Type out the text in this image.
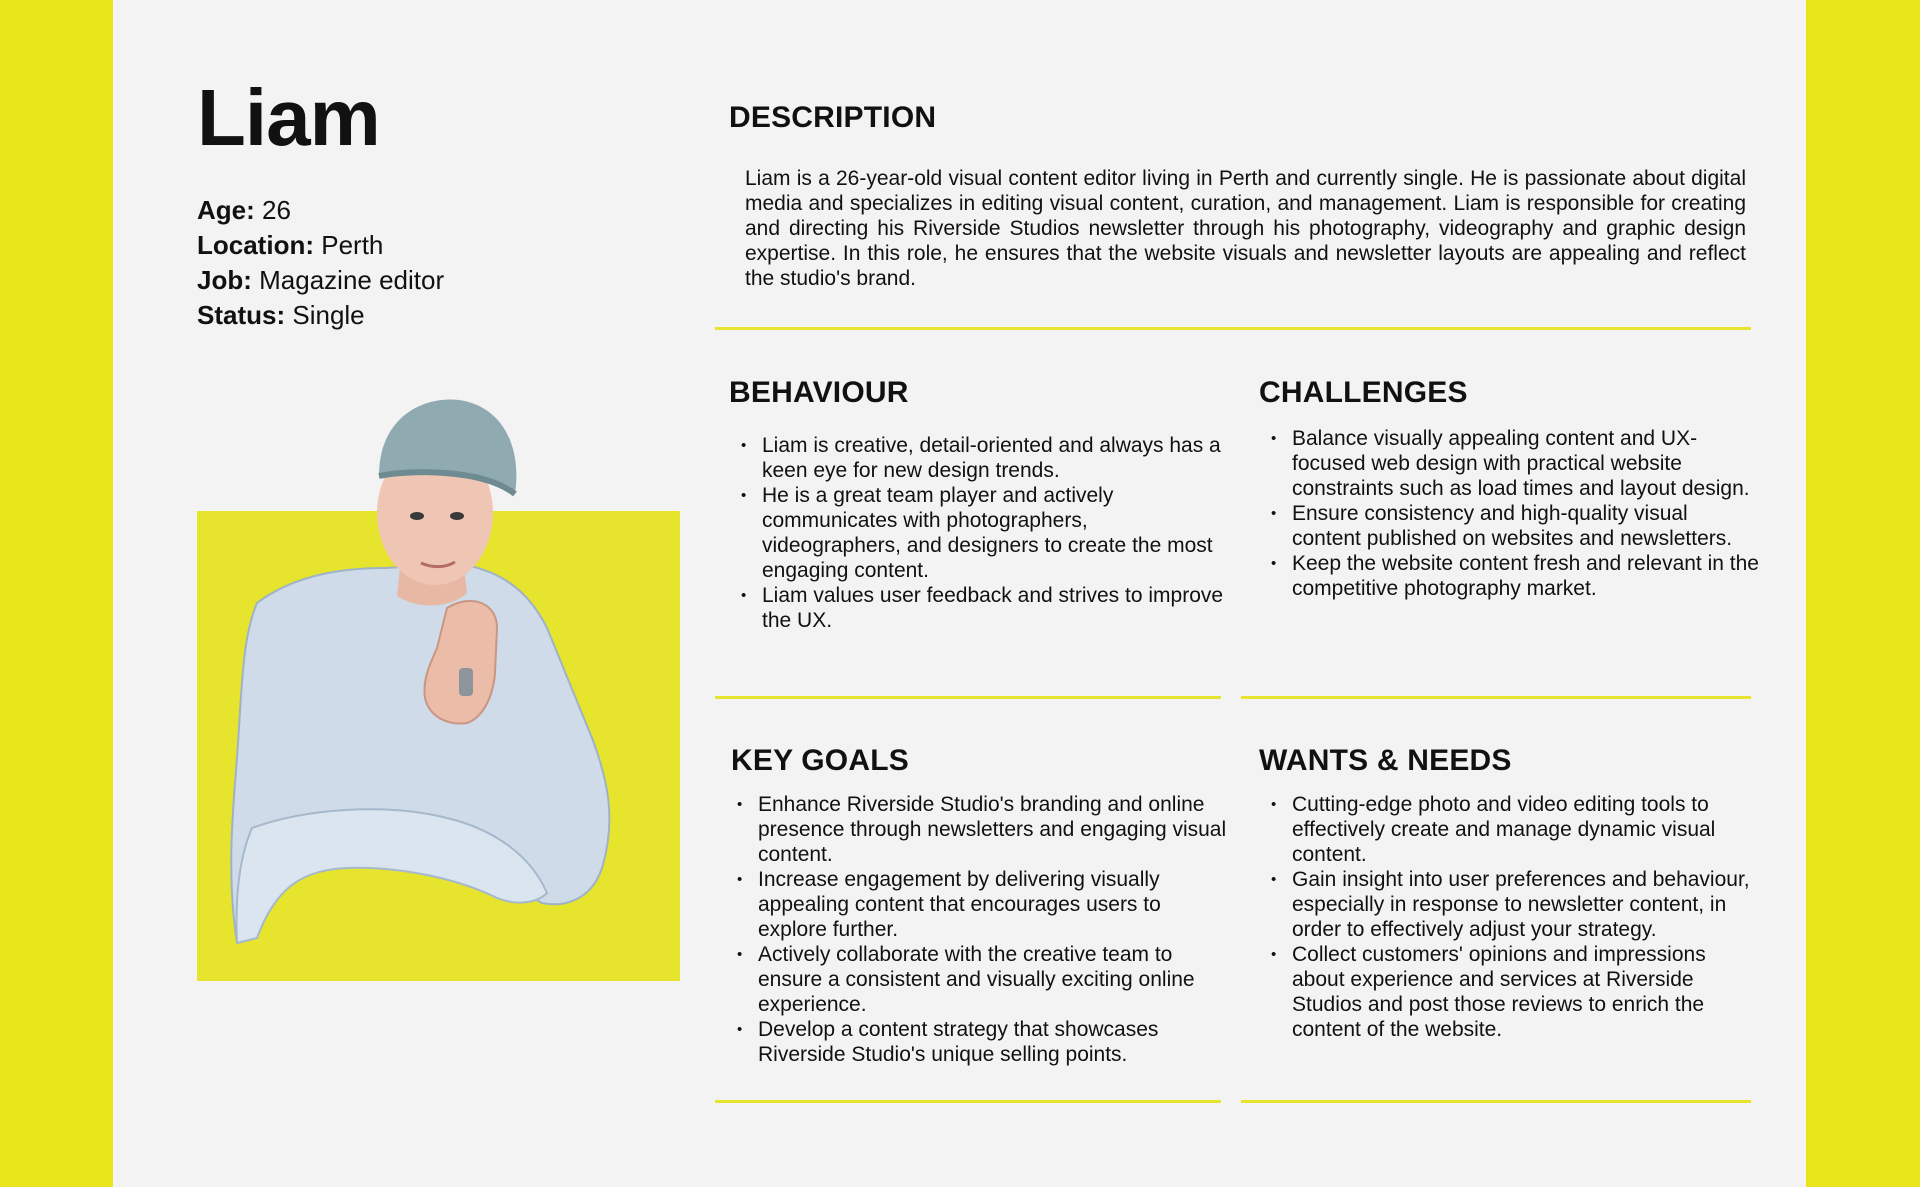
Liam
Age: 26
Location: Perth
Job: Magazine editor
Status: Single
DESCRIPTION

Liam is a 26-year-old visual content editor living in Perth and currently single. He is passionate about digital media and specializes in editing visual content, curation, and management. Liam is responsible for creating and directing his Riverside Studios newsletter through his photography, videography and graphic design expertise. In this role, he ensures that the website visuals and newsletter layouts are appealing and reflect the studio's brand.

BEHAVIOUR
• Liam is creative, detail-oriented and always has a keen eye for new design trends.
• He is a great team player and actively communicates with photographers, videographers, and designers to create the most engaging content.
• Liam values user feedback and strives to improve the UX.
CHALLENGES
• Balance visually appealing content and UX-focused web design with practical website constraints such as load times and layout design.
• Ensure consistency and high-quality visual content published on websites and newsletters.
• Keep the website content fresh and relevant in the competitive photography market.
KEY GOALS
• Enhance Riverside Studio's branding and online presence through newsletters and engaging visual content.
• Increase engagement by delivering visually appealing content that encourages users to explore further.
• Actively collaborate with the creative team to ensure a consistent and visually exciting online experience.
• Develop a content strategy that showcases Riverside Studio's unique selling points.
WANTS & NEEDS
• Cutting-edge photo and video editing tools to effectively create and manage dynamic visual content.
• Gain insight into user preferences and behaviour, especially in response to newsletter content, in order to effectively adjust your strategy.
• Collect customers' opinions and impressions about experience and services at Riverside Studios and post those reviews to enrich the content of the website.
